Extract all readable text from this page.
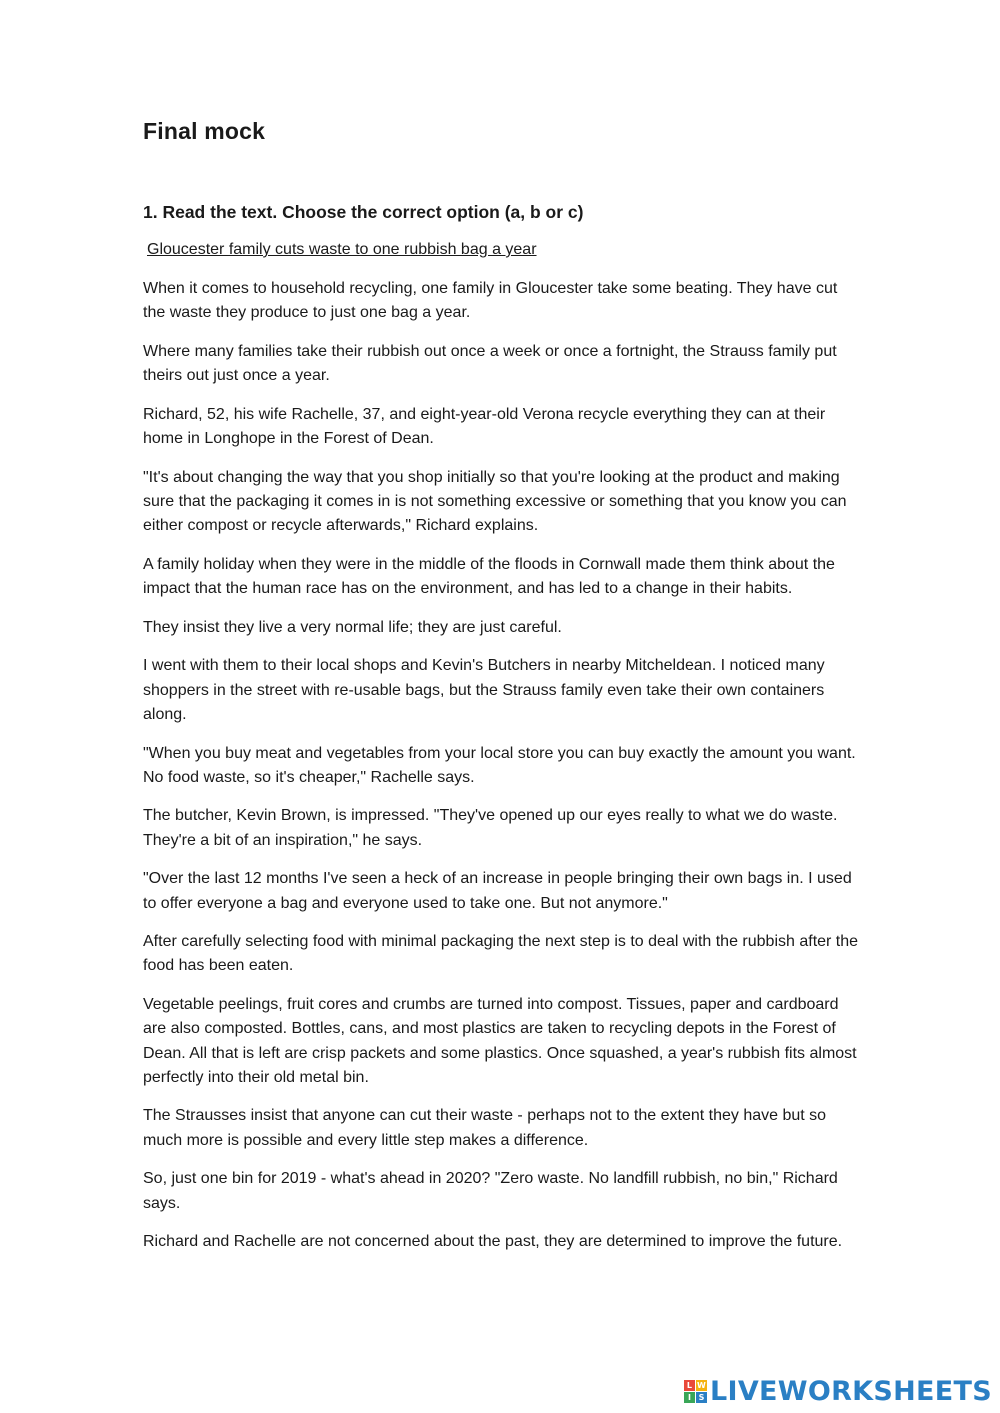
Final mock
1. Read the text. Choose the correct option (a, b or c)
Gloucester family cuts waste to one rubbish bag a year

When it comes to household recycling, one family in Gloucester take some beating. They have cut the waste they produce to just one bag a year.

Where many families take their rubbish out once a week or once a fortnight, the Strauss family put theirs out just once a year.

Richard, 52, his wife Rachelle, 37, and eight-year-old Verona recycle everything they can at their home in Longhope in the Forest of Dean.

"It's about changing the way that you shop initially so that you're looking at the product and making sure that the packaging it comes in is not something excessive or something that you know you can either compost or recycle afterwards," Richard explains.

A family holiday when they were in the middle of the floods in Cornwall made them think about the impact that the human race has on the environment, and has led to a change in their habits.

They insist they live a very normal life; they are just careful.

I went with them to their local shops and Kevin's Butchers in nearby Mitcheldean. I noticed many shoppers in the street with re-usable bags, but the Strauss family even take their own containers along.

"When you buy meat and vegetables from your local store you can buy exactly the amount you want. No food waste, so it's cheaper," Rachelle says.

The butcher, Kevin Brown, is impressed. "They've opened up our eyes really to what we do waste. They're a bit of an inspiration," he says.

"Over the last 12 months I've seen a heck of an increase in people bringing their own bags in. I used to offer everyone a bag and everyone used to take one. But not anymore."

After carefully selecting food with minimal packaging the next step is to deal with the rubbish after the food has been eaten.

Vegetable peelings, fruit cores and crumbs are turned into compost. Tissues, paper and cardboard are also composted. Bottles, cans, and most plastics are taken to recycling depots in the Forest of Dean. All that is left are crisp packets and some plastics. Once squashed, a year's rubbish fits almost perfectly into their old metal bin.

The Strausses insist that anyone can cut their waste - perhaps not to the extent they have but so much more is possible and every little step makes a difference.

So, just one bin for 2019 - what's ahead in 2020? "Zero waste. No landfill rubbish, no bin," Richard says.

Richard and Rachelle are not concerned about the past, they are determined to improve the future.

L W
I S LIVEWORKSHEETS
